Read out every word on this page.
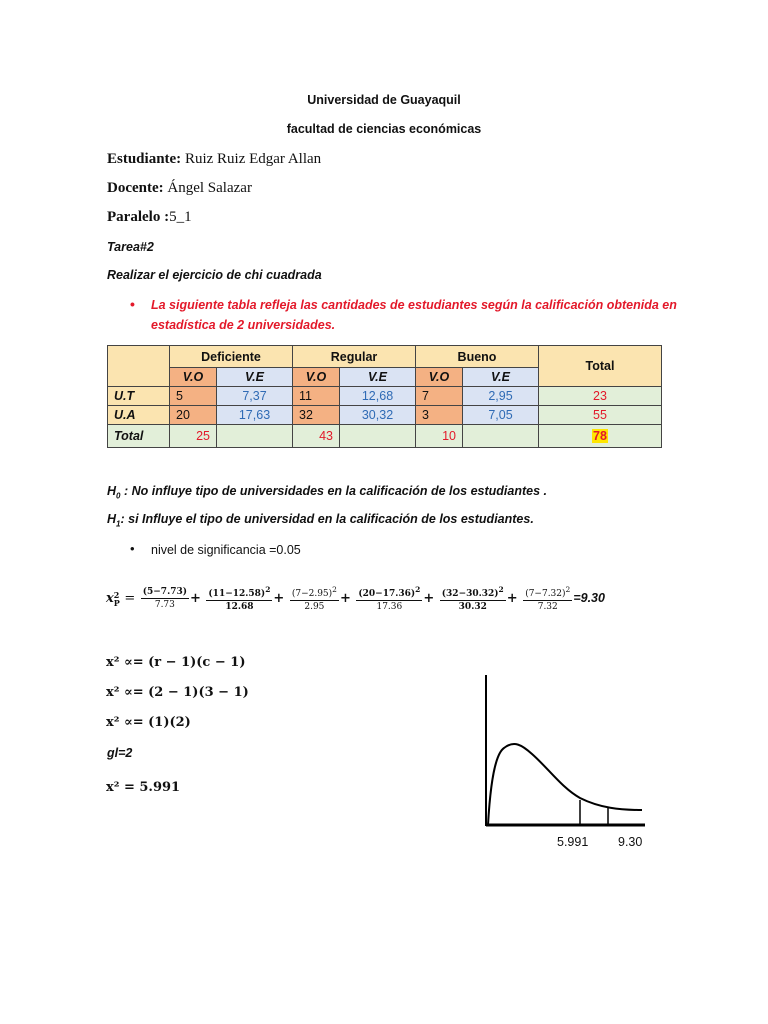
Universidad de Guayaquil
facultad de ciencias económicas
Estudiante: Ruiz Ruiz Edgar Allan
Docente: Ángel Salazar
Paralelo :5_1
Tarea#2
Realizar el ejercicio de chi cuadrada
• La siguiente tabla refleja las cantidades de estudiantes según la calificación obtenida en
estadística de 2 universidades.
	Deficiente		Regular		Bueno		Total
	V.O	V.E	V.O	V.E	V.O	V.E	
U.T	5	7,37	11	12,68	7	2,95	23
U.A	20	17,63	32	30,32	3	7,05	55
Total	25		43		10		78
$H_0$ : No influye tipo de universidades en la calificación de los estudiantes .
$H_1$: si Influye el tipo de universidad en la calificación de los estudiantes.
• nivel de significancia =0.05
x 2
$P = \frac{(5-7.73)}{7.73} + \frac{(11-12.58)^2}{12.68} + \frac{(7-2.95)^2}{2.95} + \frac{(20-17.36)^2}{17.36} + \frac{(32-30.32)^2}{30.32} + \frac{(7-7.32)^2}{7.32} =9.30$
x² ∝= (r − 1)(c − 1)
x² ∝= (2 − 1)(3 − 1)
x² ∝= (1)(2)
gl=2
x² = 5.991
5.991 9.30
